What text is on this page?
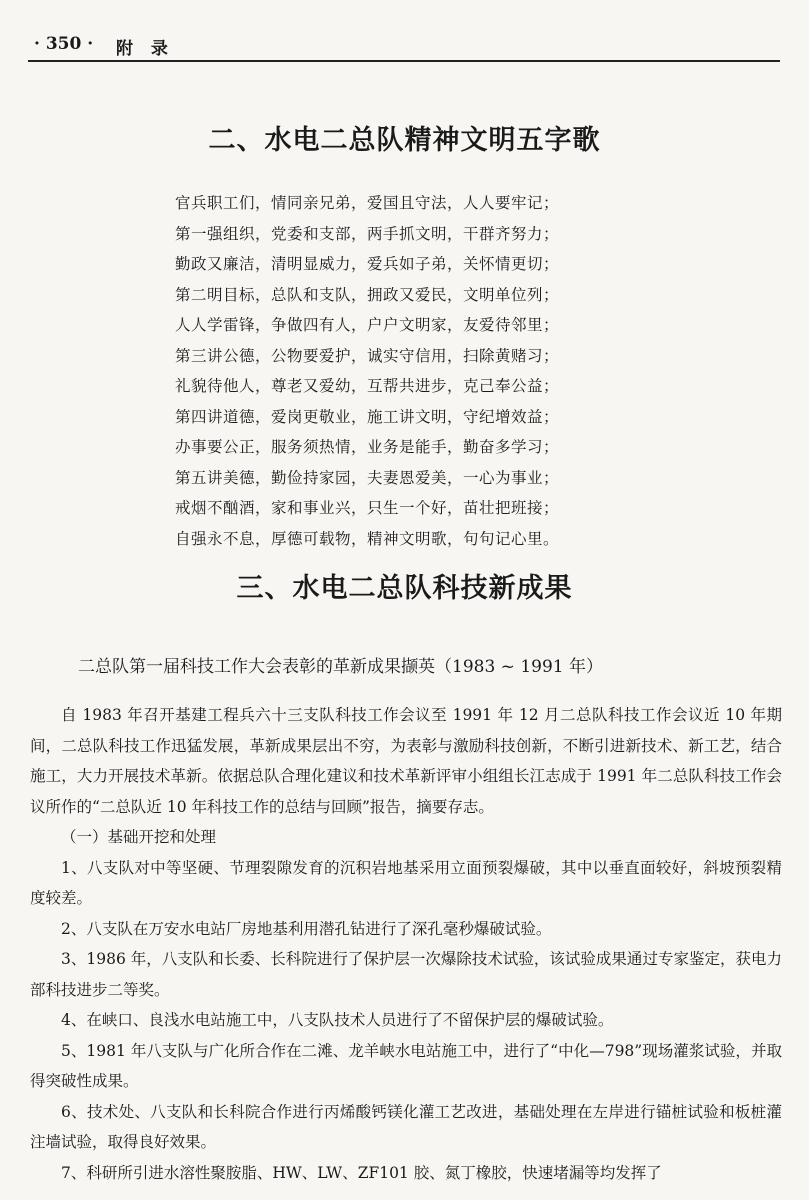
· 350 · 附 录
二、水电二总队精神文明五字歌
官兵职工们，情同亲兄弟，爱国且守法，人人要牢记；
第一强组织，党委和支部，两手抓文明，干群齐努力；
勤政又廉洁，清明显威力，爱兵如子弟，关怀情更切；
第二明目标，总队和支队，拥政又爱民，文明单位列；
人人学雷锋，争做四有人，户户文明家，友爱待邻里；
第三讲公德，公物要爱护，诚实守信用，扫除黄赌习；
礼貌待他人，尊老又爱幼，互帮共进步，克己奉公益；
第四讲道德，爱岗更敬业，施工讲文明，守纪增效益；
办事要公正，服务须热情，业务是能手，勤奋多学习；
第五讲美德，勤俭持家园，夫妻恩爱美，一心为事业；
戒烟不酗酒，家和事业兴，只生一个好，苗壮把班接；
自强永不息，厚德可载物，精神文明歌，句句记心里。
三、水电二总队科技新成果
二总队第一届科技工作大会表彰的革新成果撷英（1983 ~ 1991 年）

自 1983 年召开基建工程兵六十三支队科技工作会议至 1991 年 12 月二总队科技工作会议近 10 年期间，二总队科技工作迅猛发展，革新成果层出不穷，为表彰与激励科技创新，不断引进新技术、新工艺，结合施工，大力开展技术革新。依据总队合理化建议和技术革新评审小组组长江志成于 1991 年二总队科技工作会议所作的“二总队近 10 年科技工作的总结与回顾”报告，摘要存志。

（一）基础开挖和处理

1、八支队对中等坚硬、节理裂隙发育的沉积岩地基采用立面预裂爆破，其中以垂直面较好，斜坡预裂精度较差。

2、八支队在万安水电站厂房地基利用潜孔钻进行了深孔毫秒爆破试验。

3、1986 年，八支队和长委、长科院进行了保护层一次爆除技术试验，该试验成果通过专家鉴定，获电力部科技进步二等奖。

4、在峡口、良浅水电站施工中，八支队技术人员进行了不留保护层的爆破试验。

5、1981 年八支队与广化所合作在二滩、龙羊峡水电站施工中，进行了“中化—798”现场灌浆试验，并取得突破性成果。

6、技术处、八支队和长科院合作进行丙烯酸钙镁化灌工艺改进，基础处理在左岸进行锚桩试验和板桩灌注墙试验，取得良好效果。

7、科研所引进水溶性聚胺脂、HW、LW、ZF101 胶、氮丁橡胶，快速堵漏等均发挥了
